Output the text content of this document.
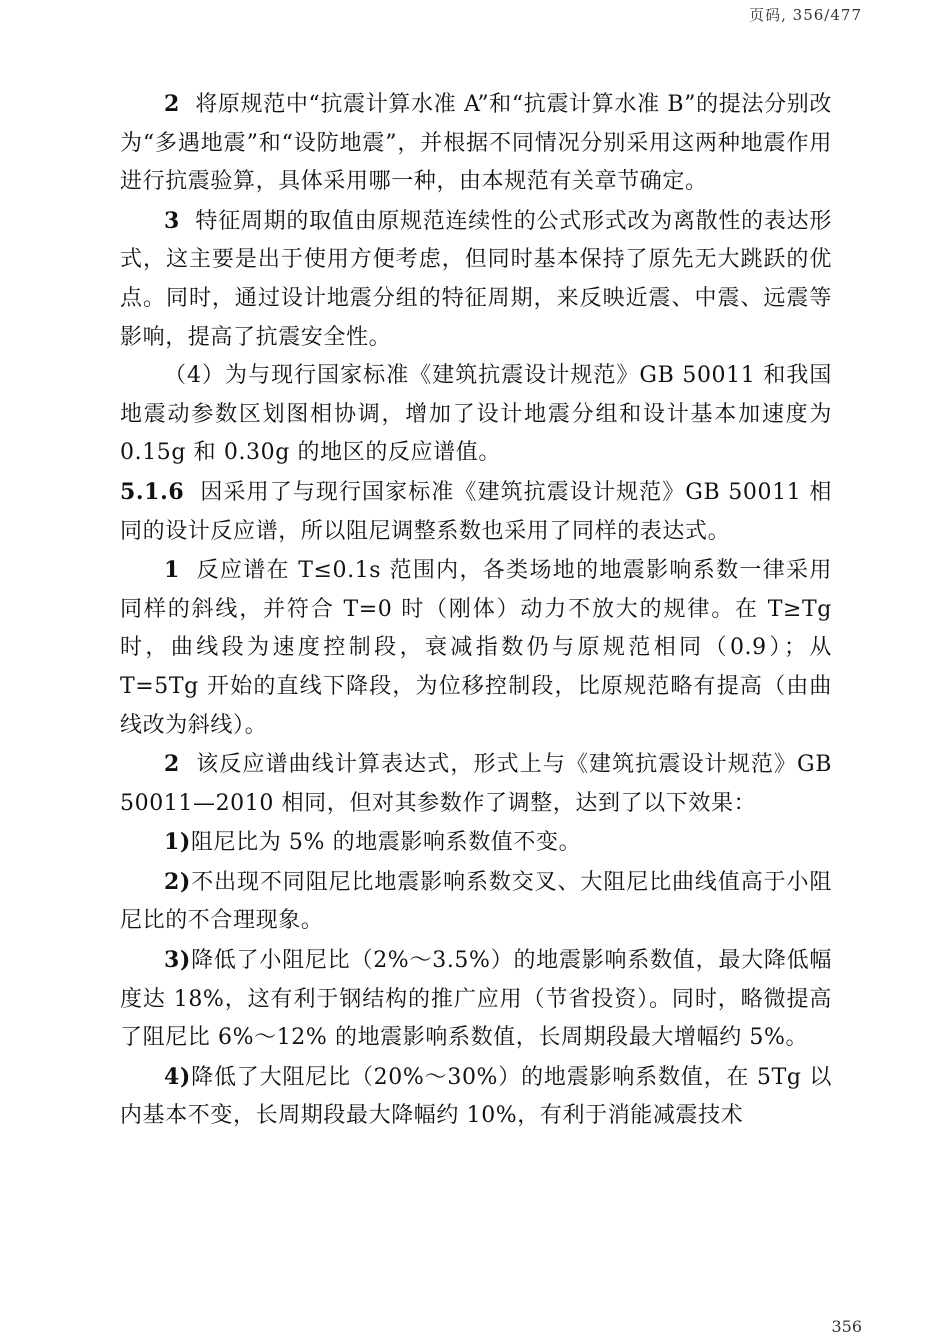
页码, 356/477

2 将原规范中“抗震计算水准 A”和“抗震计算水准 B”的提法分别改为“多遇地震”和“设防地震”，并根据不同情况分别采用这两种地震作用进行抗震验算，具体采用哪一种，由本规范有关章节确定。

3 特征周期的取值由原规范连续性的公式形式改为离散性的表达形式，这主要是出于使用方便考虑，但同时基本保持了原先无大跳跃的优点。同时，通过设计地震分组的特征周期，来反映近震、中震、远震等影响，提高了抗震安全性。

（4）为与现行国家标准《建筑抗震设计规范》GB 50011 和我国地震动参数区划图相协调，增加了设计地震分组和设计基本加速度为 0.15g 和 0.30g 的地区的反应谱值。

5.1.6 因采用了与现行国家标准《建筑抗震设计规范》GB 50011 相同的设计反应谱，所以阻尼调整系数也采用了同样的表达式。

1 反应谱在 T≤0.1s 范围内，各类场地的地震影响系数一律采用同样的斜线，并符合 T=0 时（刚体）动力不放大的规律。在 T≥Tg 时，曲线段为速度控制段，衰减指数仍与原规范相同（0.9）；从 T=5Tg 开始的直线下降段，为位移控制段，比原规范略有提高（由曲线改为斜线）。

2 该反应谱曲线计算表达式，形式上与《建筑抗震设计规范》GB 50011—2010 相同，但对其参数作了调整，达到了以下效果：

1)阻尼比为 5% 的地震影响系数值不变。

2)不出现不同阻尼比地震影响系数交叉、大阻尼比曲线值高于小阻尼比的不合理现象。

3)降低了小阻尼比（2%～3.5%）的地震影响系数值，最大降低幅度达 18%，这有利于钢结构的推广应用（节省投资）。同时，略微提高了阻尼比 6%～12% 的地震影响系数值，长周期段最大增幅约 5%。

4)降低了大阻尼比（20%～30%）的地震影响系数值，在 5Tg 以内基本不变，长周期段最大降幅约 10%，有利于消能减震技术

356
